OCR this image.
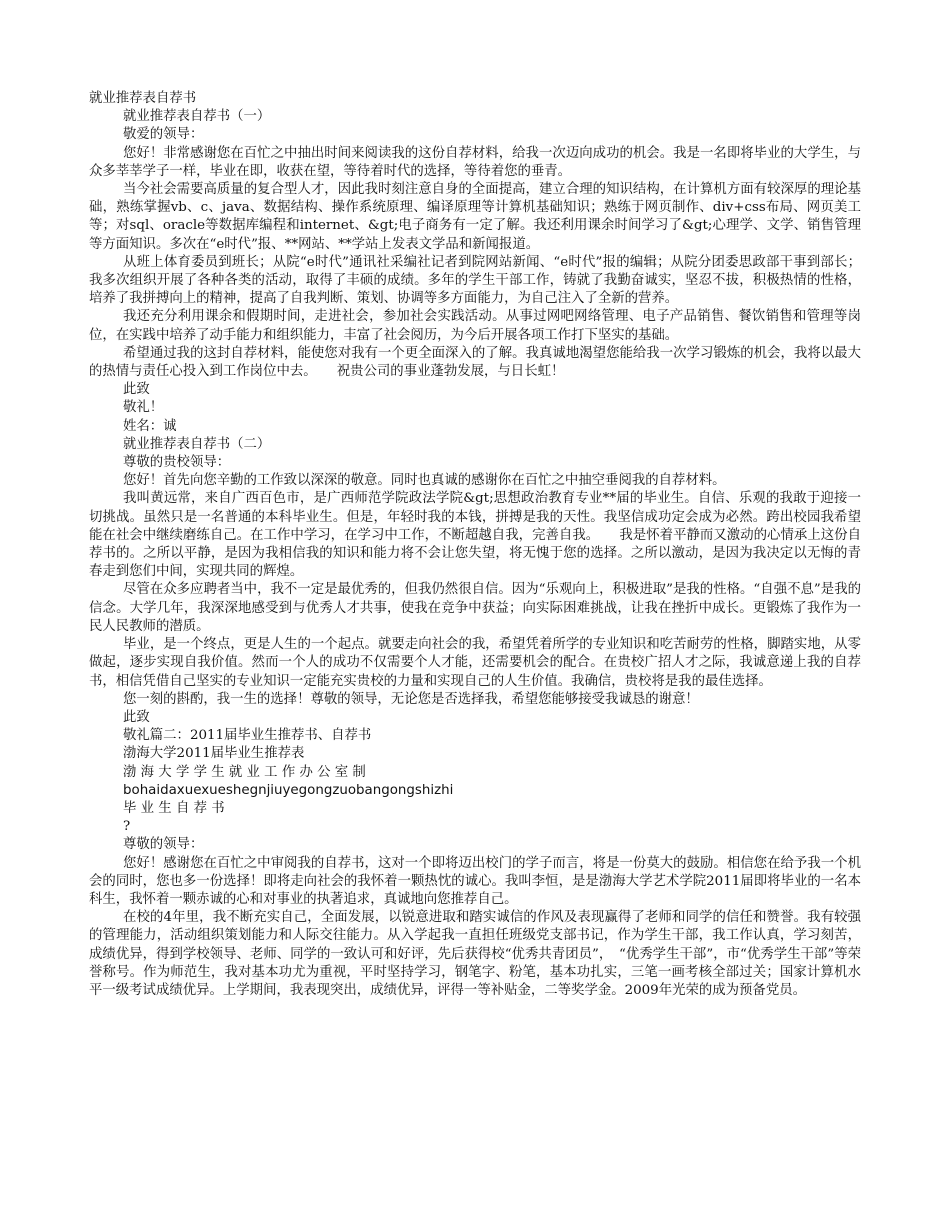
就业推荐表自荐书

就业推荐表自荐书（一）

敬爱的领导：

您好！非常感谢您在百忙之中抽出时间来阅读我的这份自荐材料，给我一次迈向成功的机会。我是一名即将毕业的大学生，与众多莘莘学子一样，毕业在即，收获在望，等待着时代的选择，等待着您的垂青。

当今社会需要高质量的复合型人才，因此我时刻注意自身的全面提高，建立合理的知识结构，在计算机方面有较深厚的理论基础，熟练掌握vb、c、java、数据结构、操作系统原理、编译原理等计算机基础知识；熟练于网页制作、div+css布局、网页美工等；对sql、oracle等数据库编程和internet、&gt;电子商务有一定了解。我还利用课余时间学习了&gt;心理学、文学、销售管理等方面知识。多次在“e时代”报、**网站、**学站上发表文学品和新闻报道。

从班上体育委员到班长；从院“e时代”通讯社采编社记者到院网站新闻、“e时代”报的编辑；从院分团委思政部干事到部长；我多次组织开展了各种各类的活动，取得了丰硕的成绩。多年的学生干部工作，铸就了我勤奋诚实，坚忍不拔，积极热情的性格，培养了我拼搏向上的精神，提高了自我判断、策划、协调等多方面能力，为自己注入了全新的营养。

我还充分利用课余和假期时间，走进社会，参加社会实践活动。从事过网吧网络管理、电子产品销售、餐饮销售和管理等岗位，在实践中培养了动手能力和组织能力，丰富了社会阅历，为今后开展各项工作打下坚实的基础。

希望通过我的这封自荐材料，能使您对我有一个更全面深入的了解。我真诚地渴望您能给我一次学习锻炼的机会，我将以最大的热情与责任心投入到工作岗位中去。　　祝贵公司的事业蓬勃发展，与日长虹！

此致

敬礼！

姓名：诚

就业推荐表自荐书（二）

尊敬的贵校领导：

您好！首先向您辛勤的工作致以深深的敬意。同时也真诚的感谢你在百忙之中抽空垂阅我的自荐材料。

我叫黄远常，来自广西百色市，是广西师范学院政法学院&gt;思想政治教育专业**届的毕业生。自信、乐观的我敢于迎接一切挑战。虽然只是一名普通的本科毕业生。但是，年轻时我的本钱，拼搏是我的天性。我坚信成功定会成为必然。跨出校园我希望能在社会中继续磨练自己。在工作中学习，在学习中工作，不断超越自我，完善自我。　　我是怀着平静而又激动的心情承上这份自荐书的。之所以平静，是因为我相信我的知识和能力将不会让您失望，将无愧于您的选择。之所以激动，是因为我决定以无悔的青春走到您们中间，实现共同的辉煌。

尽管在众多应聘者当中，我不一定是最优秀的，但我仍然很自信。因为“乐观向上，积极进取”是我的性格。“自强不息”是我的信念。大学几年，我深深地感受到与优秀人才共事，使我在竞争中获益；向实际困难挑战，让我在挫折中成长。更锻炼了我作为一民人民教师的潜质。

毕业，是一个终点，更是人生的一个起点。就要走向社会的我，希望凭着所学的专业知识和吃苦耐劳的性格，脚踏实地，从零做起，逐步实现自我价值。然而一个人的成功不仅需要个人才能，还需要机会的配合。在贵校广招人才之际，我诚意递上我的自荐书，相信凭借自己坚实的专业知识一定能充实贵校的力量和实现自己的人生价值。我确信，贵校将是我的最佳选择。

您一刻的斟酌，我一生的选择！尊敬的领导，无论您是否选择我，希望您能够接受我诚恳的谢意！

此致

敬礼篇二：2011届毕业生推荐书、自荐书

渤海大学2011届毕业生推荐表

渤 海 大 学 学 生 就 业 工 作 办 公 室 制

bohaidaxuexueshegnjiuyegongzuobangongshizhi

毕 业 生 自 荐 书

?

尊敬的领导：

您好！感谢您在百忙之中审阅我的自荐书，这对一个即将迈出校门的学子而言，将是一份莫大的鼓励。相信您在给予我一个机会的同时，您也多一份选择！即将走向社会的我怀着一颗热忱的诚心。我叫李恒，是是渤海大学艺术学院2011届即将毕业的一名本科生，我怀着一颗赤诚的心和对事业的执著追求，真诚地向您推荐自己。

在校的4年里，我不断充实自己，全面发展，以锐意进取和踏实诚信的作风及表现赢得了老师和同学的信任和赞誉。我有较强的管理能力，活动组织策划能力和人际交往能力。从入学起我一直担任班级党支部书记，作为学生干部，我工作认真，学习刻苦，成绩优异，得到学校领导、老师、同学的一致认可和好评，先后获得校“优秀共青团员”，　“优秀学生干部”，市“优秀学生干部”等荣誉称号。作为师范生，我对基本功尤为重视，平时坚持学习，钢笔字、粉笔，基本功扎实，三笔一画考核全部过关；国家计算机水平一级考试成绩优异。上学期间，我表现突出，成绩优异，评得一等补贴金，二等奖学金。2009年光荣的成为预备党员。
